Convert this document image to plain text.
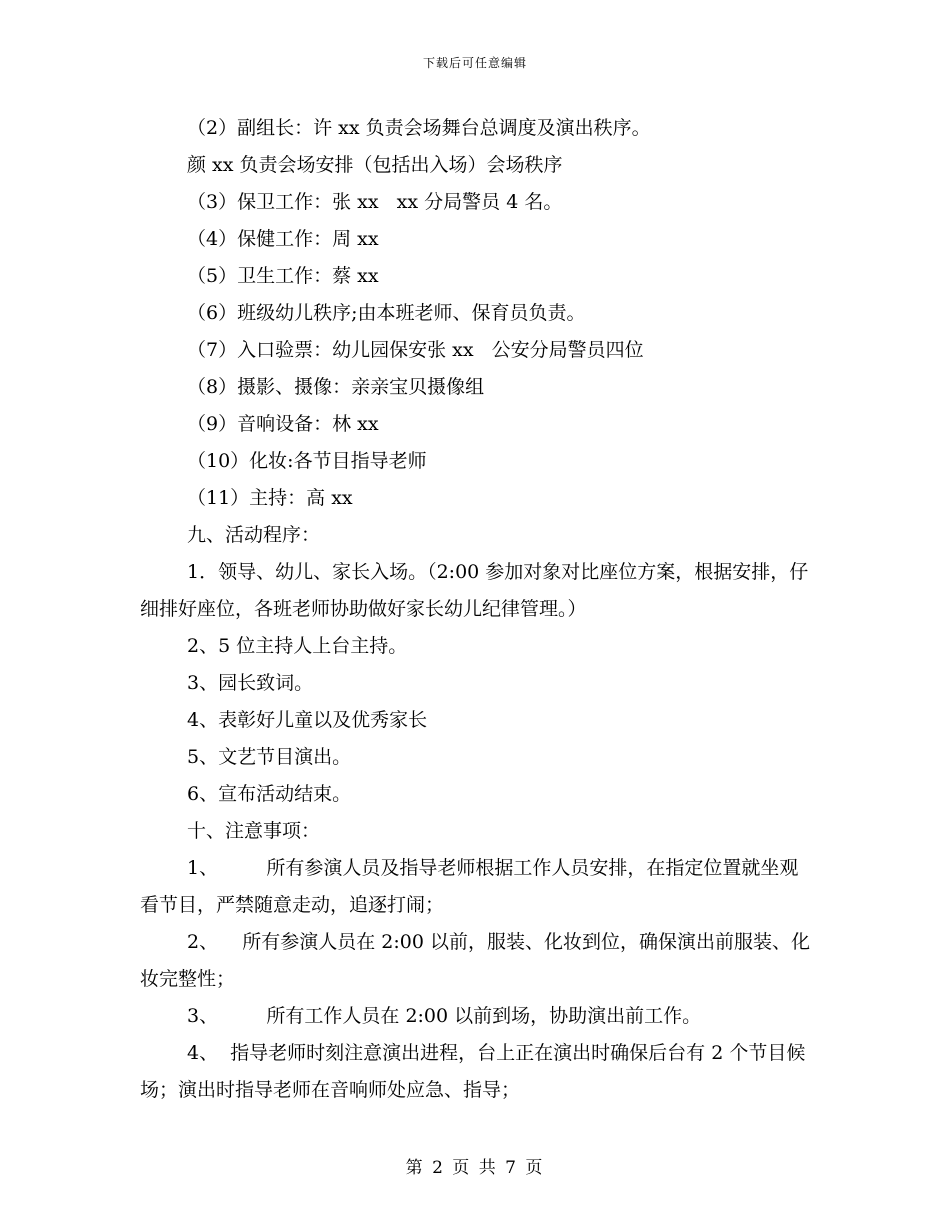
下载后可任意编辑

（2）副组长：许 xx 负责会场舞台总调度及演出秩序。

颜 xx 负责会场安排（包括出入场）会场秩序

（3）保卫工作：张 xx   xx 分局警员 4 名。

（4）保健工作：周 xx

（5）卫生工作：蔡 xx

（6）班级幼儿秩序;由本班老师、保育员负责。

（7）入口验票：幼儿园保安张 xx   公安分局警员四位

（8）摄影、摄像：亲亲宝贝摄像组

（9）音响设备：林 xx

（10）化妆:各节目指导老师

（11）主持：高 xx

九、活动程序：

1．领导、幼儿、家长入场。（2:00 参加对象对比座位方案，根据安排，仔细排好座位，各班老师协助做好家长幼儿纪律管理。）

2、5 位主持人上台主持。

3、园长致词。

4、表彰好儿童以及优秀家长

5、文艺节目演出。

6、宣布活动结束。

十、注意事项：

1、        所有参演人员及指导老师根据工作人员安排，在指定位置就坐观看节目，严禁随意走动，追逐打闹；

2、    所有参演人员在 2:00 以前，服装、化妆到位，确保演出前服装、化妆完整性；

3、        所有工作人员在 2:00 以前到场，协助演出前工作。

4、  指导老师时刻注意演出进程，台上正在演出时确保后台有 2 个节目候场；演出时指导老师在音响师处应急、指导；

第 2 页 共 7 页
